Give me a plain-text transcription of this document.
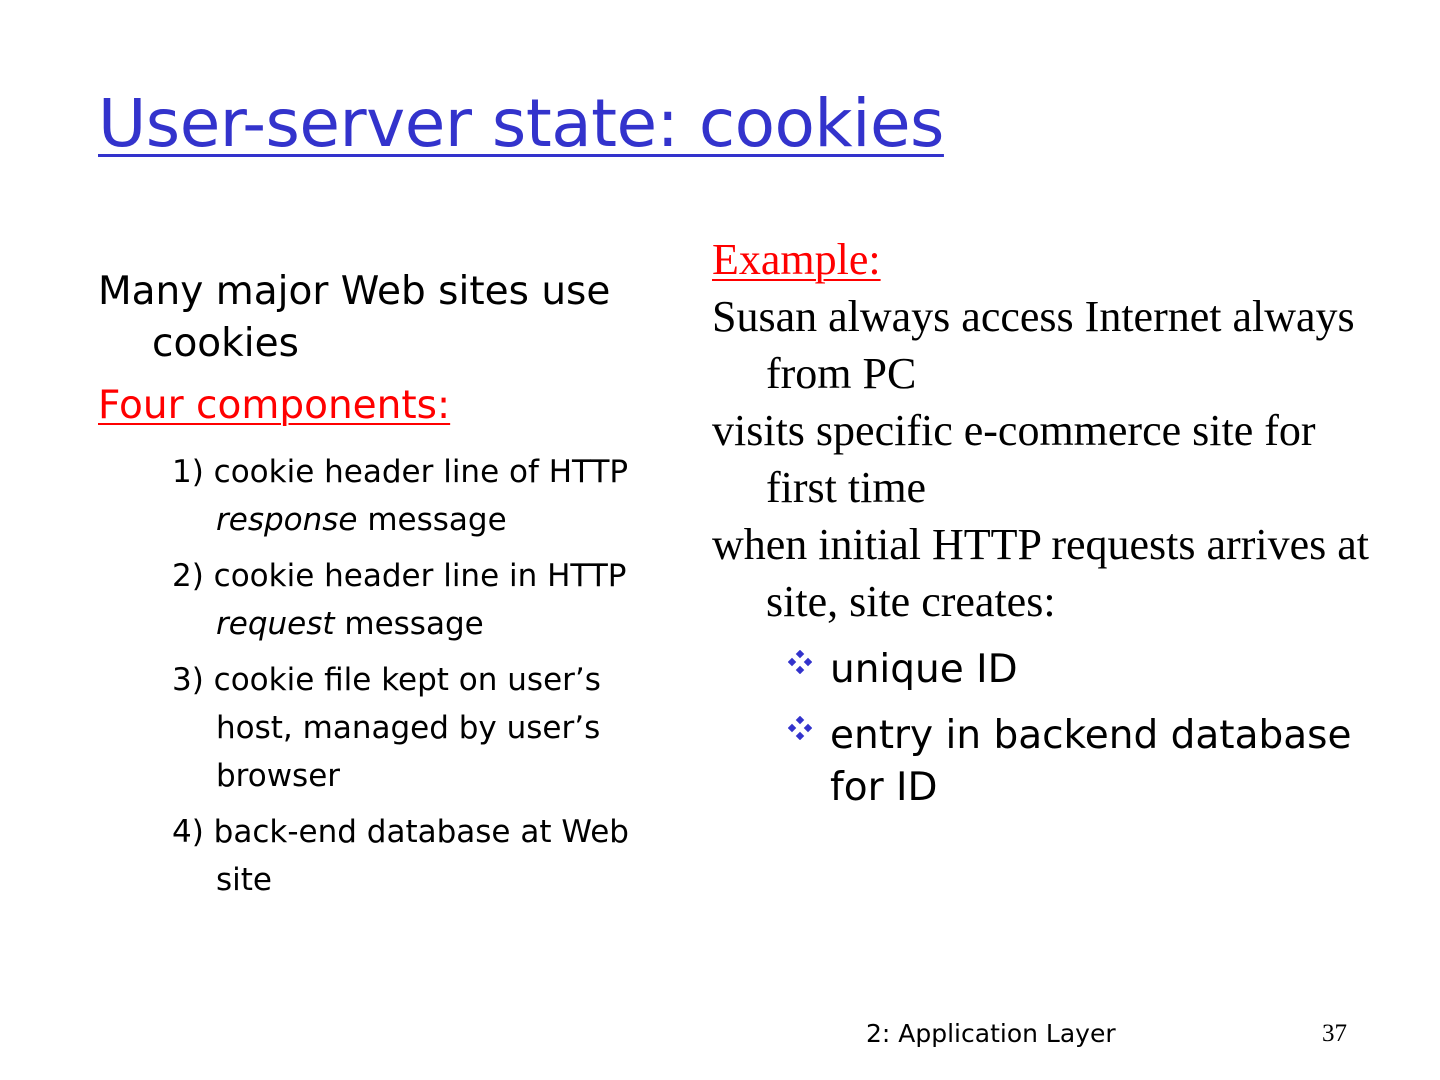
User-server state: cookies

Many major Web sites use cookies

Four components:

1) cookie header line of HTTP response message
2) cookie header line in HTTP request message
3) cookie file kept on user’s host, managed by user’s browser
4) back-end database at Web site

Example:

Susan always access Internet always from PC

visits specific e-commerce site for first time

when initial HTTP requests arrives at site, site creates:

unique ID
entry in backend database for ID
2: Application Layer	37
